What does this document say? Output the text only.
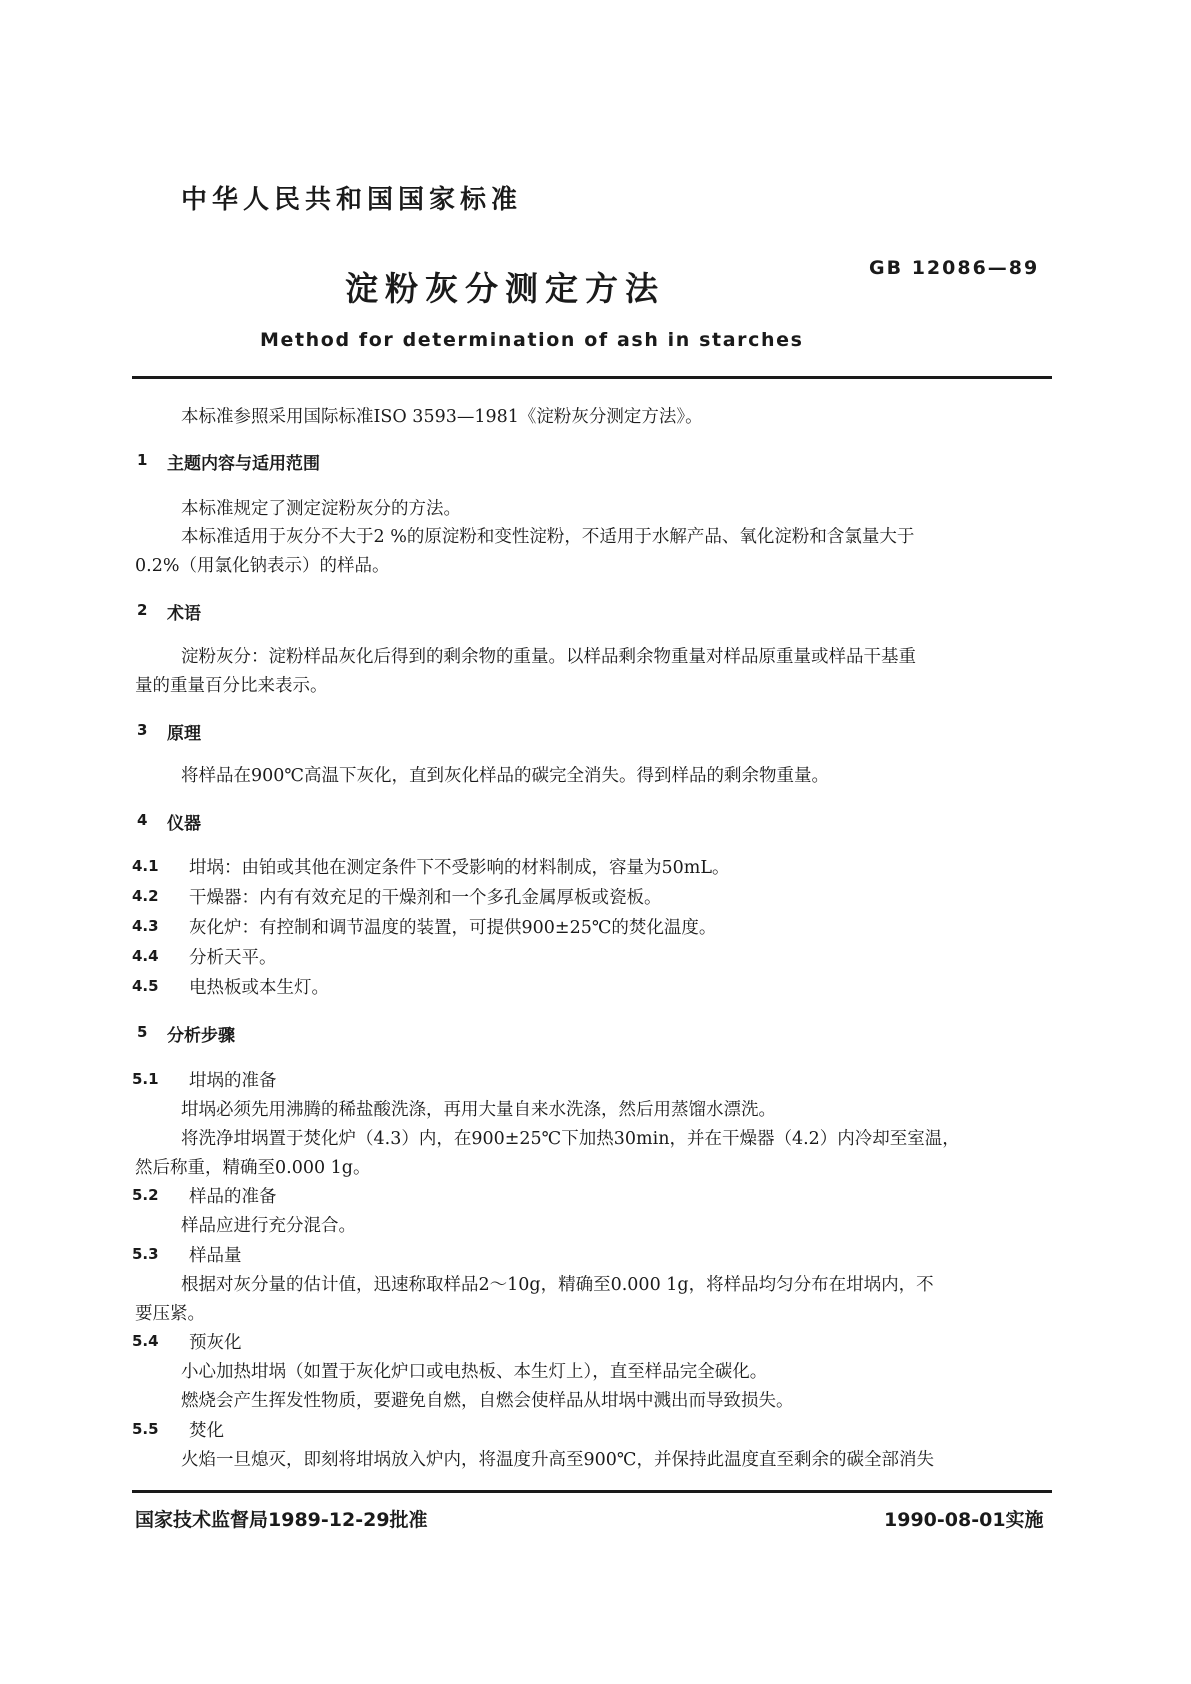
中华人民共和国国家标准
淀粉灰分测定方法
GB 12086—89
Method for determination of ash in starches
本标准参照采用国际标准ISO 3593—1981《淀粉灰分测定方法》。
1 主题内容与适用范围
本标准规定了测定淀粉灰分的方法。
本标准适用于灰分不大于2 %的原淀粉和变性淀粉，不适用于水解产品、氧化淀粉和含氯量大于
0.2%（用氯化钠表示）的样品。
2 术语
淀粉灰分：淀粉样品灰化后得到的剩余物的重量。以样品剩余物重量对样品原重量或样品干基重
量的重量百分比来表示。
3 原理
将样品在900℃高温下灰化，直到灰化样品的碳完全消失。得到样品的剩余物重量。
4 仪器
4.1 坩埚：由铂或其他在测定条件下不受影响的材料制成，容量为50mL。
4.2 干燥器：内有有效充足的干燥剂和一个多孔金属厚板或瓷板。
4.3 灰化炉：有控制和调节温度的装置，可提供900±25℃的焚化温度。
4.4 分析天平。
4.5 电热板或本生灯。
5 分析步骤
5.1 坩埚的准备
坩埚必须先用沸腾的稀盐酸洗涤，再用大量自来水洗涤，然后用蒸馏水漂洗。
将洗净坩埚置于焚化炉（4.3）内，在900±25℃下加热30min，并在干燥器（4.2）内冷却至室温，
然后称重，精确至0.000 1g。
5.2 样品的准备
样品应进行充分混合。
5.3 样品量
根据对灰分量的估计值，迅速称取样品2～10g，精确至0.000 1g，将样品均匀分布在坩埚内，不
要压紧。
5.4 预灰化
小心加热坩埚（如置于灰化炉口或电热板、本生灯上），直至样品完全碳化。
燃烧会产生挥发性物质，要避免自燃，自燃会使样品从坩埚中溅出而导致损失。
5.5 焚化
火焰一旦熄灭，即刻将坩埚放入炉内，将温度升高至900℃，并保持此温度直至剩余的碳全部消失
国家技术监督局1989-12-29批准	1990-08-01实施
